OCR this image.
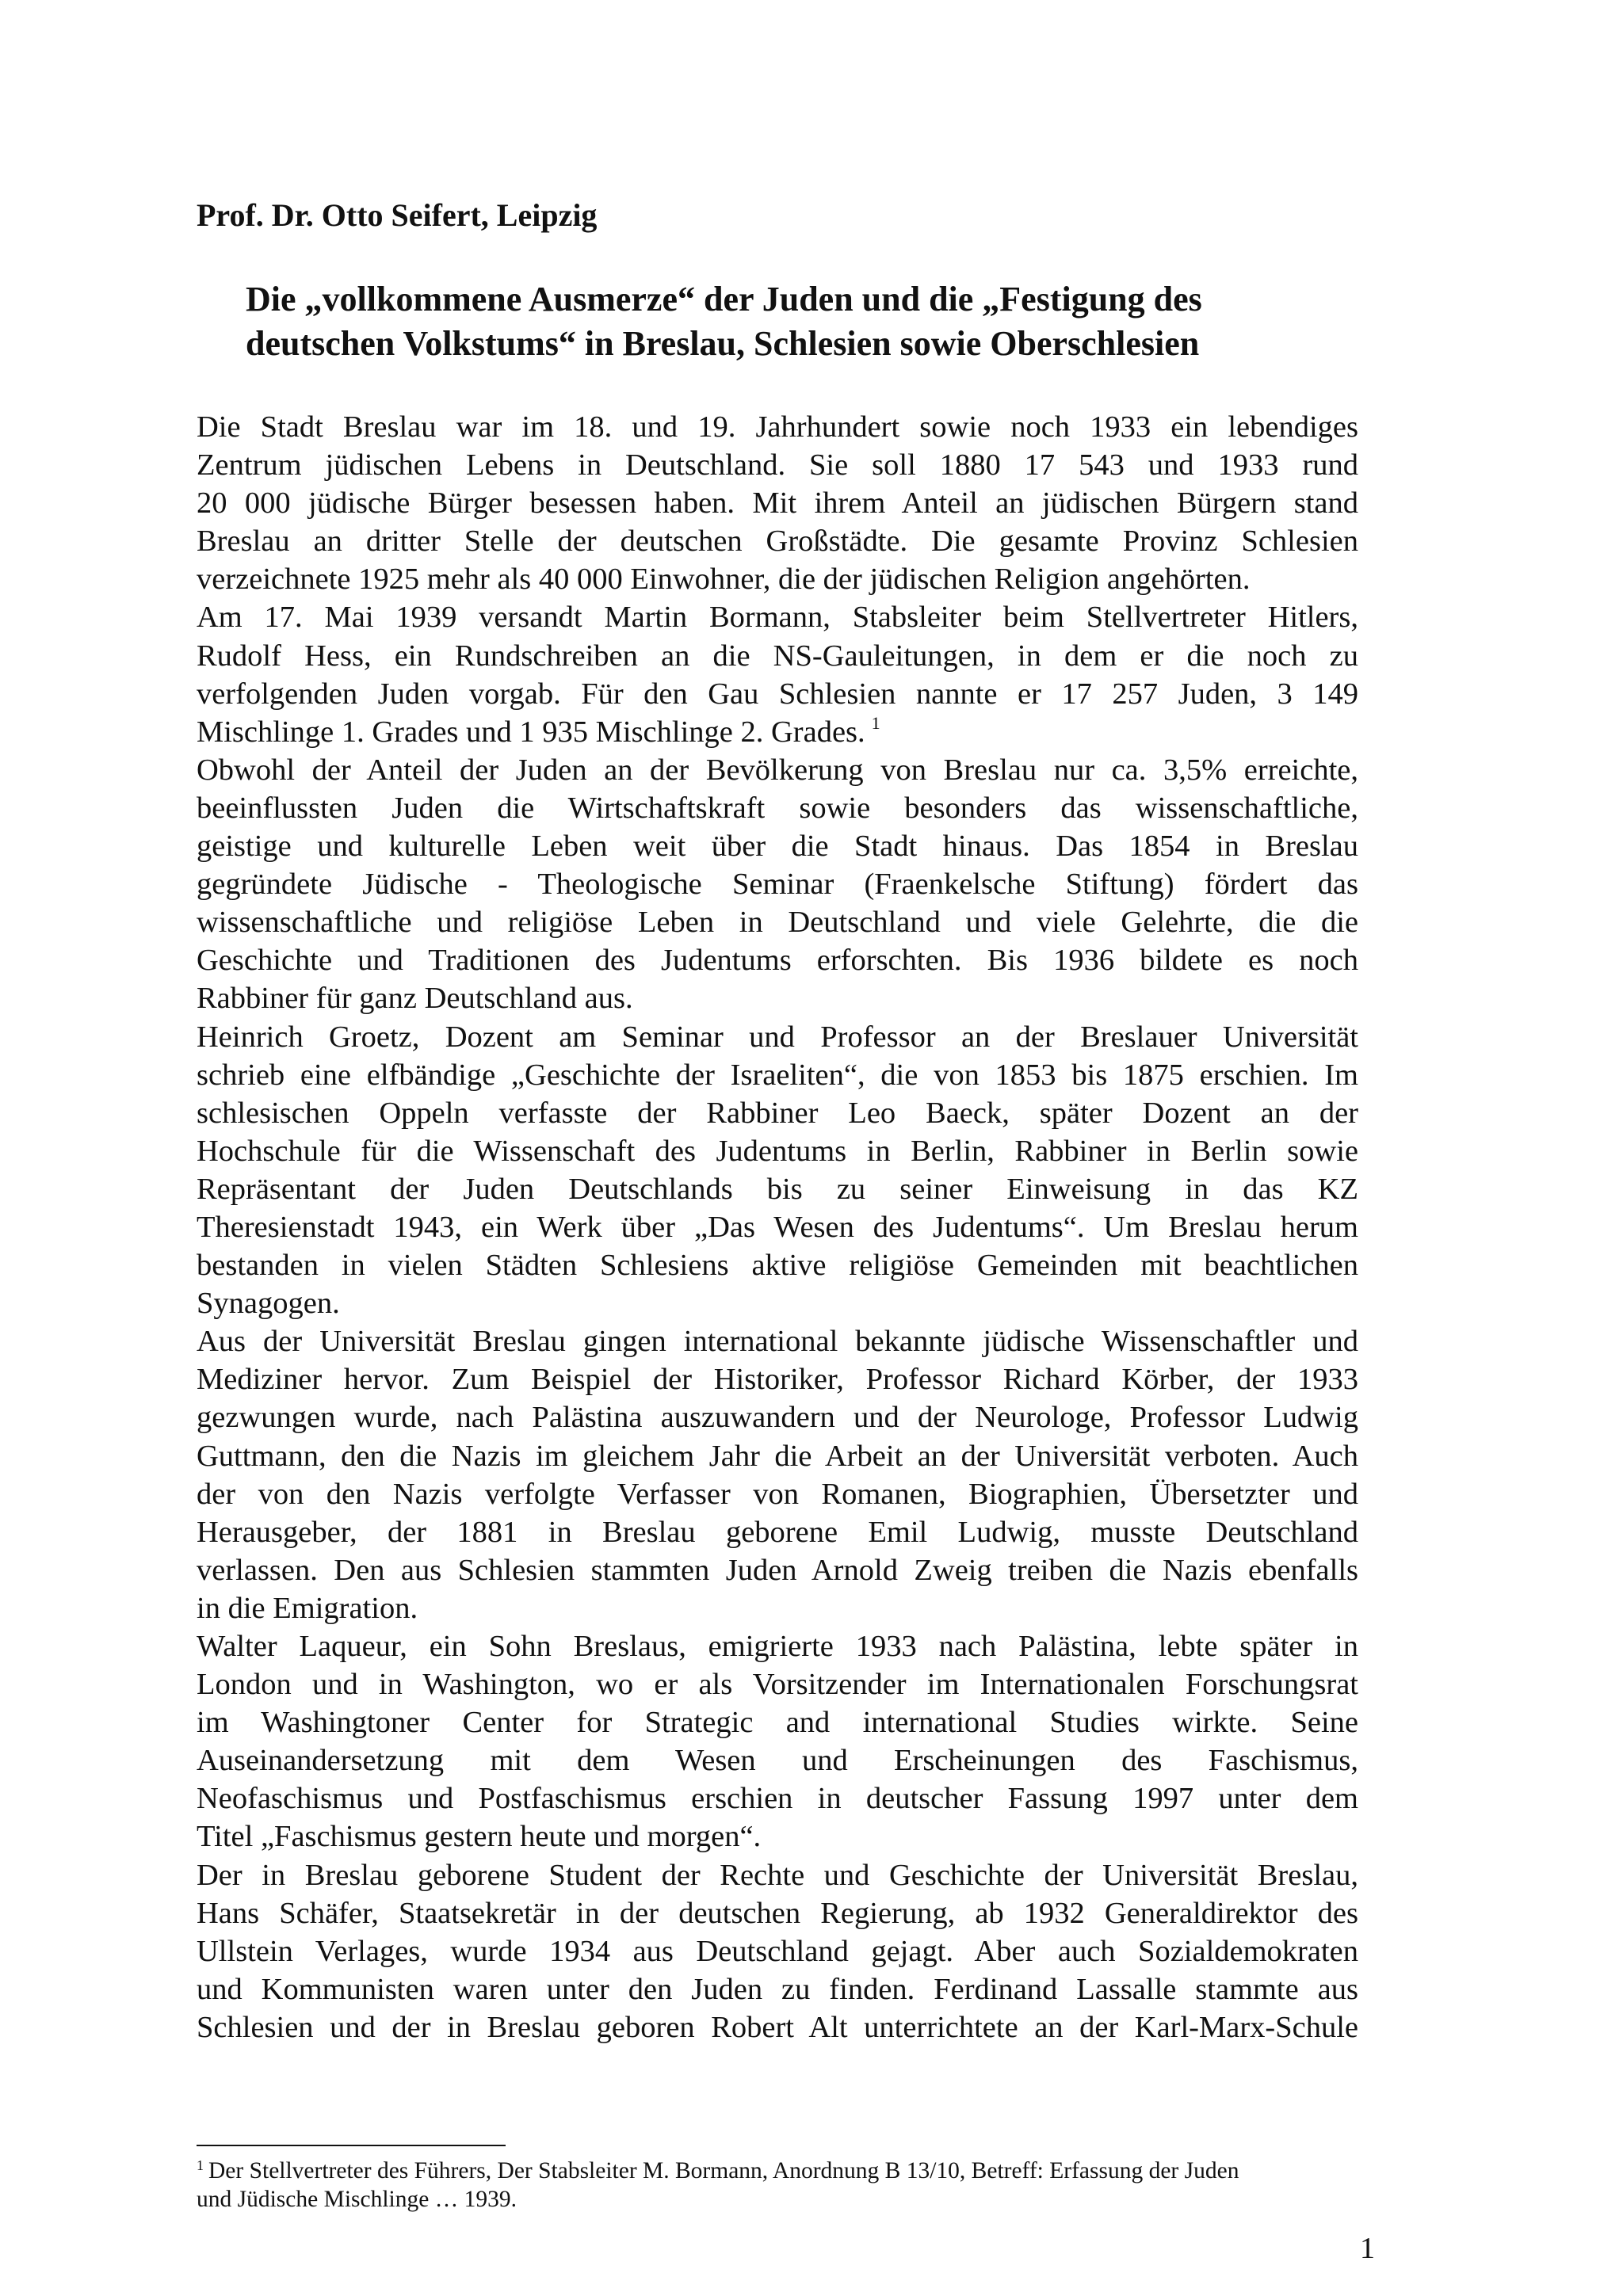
Prof. Dr. Otto Seifert, Leipzig

Die „vollkommene Ausmerze“ der Juden und die „Festigung des
deutschen Volkstums“ in Breslau, Schlesien sowie Oberschlesien

Die Stadt Breslau war im 18. und 19. Jahrhundert sowie noch 1933 ein lebendiges
Zentrum jüdischen Lebens in Deutschland. Sie soll 1880 17 543 und 1933 rund
20 000 jüdische Bürger besessen haben. Mit ihrem Anteil an jüdischen Bürgern stand
Breslau an dritter Stelle der deutschen Großstädte. Die gesamte Provinz Schlesien
verzeichnete 1925 mehr als 40 000 Einwohner, die der jüdischen Religion angehörten.

Am 17. Mai 1939 versandt Martin Bormann, Stabsleiter beim Stellvertreter Hitlers,
Rudolf Hess, ein Rundschreiben an die NS-Gauleitungen, in dem er die noch zu
verfolgenden Juden vorgab. Für den Gau Schlesien nannte er 17 257 Juden, 3 149
Mischlinge 1. Grades und 1 935 Mischlinge 2. Grades. $^1$

Obwohl der Anteil der Juden an der Bevölkerung von Breslau nur ca. 3,5% erreichte,
beeinflussten Juden die Wirtschaftskraft sowie besonders das wissenschaftliche,
geistige und kulturelle Leben weit über die Stadt hinaus. Das 1854 in Breslau
gegründete Jüdische - Theologische Seminar (Fraenkelsche Stiftung) fördert das
wissenschaftliche und religiöse Leben in Deutschland und viele Gelehrte, die die
Geschichte und Traditionen des Judentums erforschten. Bis 1936 bildete es noch
Rabbiner für ganz Deutschland aus.

Heinrich Groetz, Dozent am Seminar und Professor an der Breslauer Universität
schrieb eine elfbändige „Geschichte der Israeliten“, die von 1853 bis 1875 erschien. Im
schlesischen Oppeln verfasste der Rabbiner Leo Baeck, später Dozent an der
Hochschule für die Wissenschaft des Judentums in Berlin, Rabbiner in Berlin sowie
Repräsentant der Juden Deutschlands bis zu seiner Einweisung in das KZ
Theresienstadt 1943, ein Werk über „Das Wesen des Judentums“. Um Breslau herum
bestanden in vielen Städten Schlesiens aktive religiöse Gemeinden mit beachtlichen
Synagogen.

Aus der Universität Breslau gingen international bekannte jüdische Wissenschaftler und
Mediziner hervor. Zum Beispiel der Historiker, Professor Richard Körber, der 1933
gezwungen wurde, nach Palästina auszuwandern und der Neurologe, Professor Ludwig
Guttmann, den die Nazis im gleichem Jahr die Arbeit an der Universität verboten. Auch
der von den Nazis verfolgte Verfasser von Romanen, Biographien, Übersetzter und
Herausgeber, der 1881 in Breslau geborene Emil Ludwig, musste Deutschland
verlassen. Den aus Schlesien stammten Juden Arnold Zweig treiben die Nazis ebenfalls
in die Emigration.

Walter Laqueur, ein Sohn Breslaus, emigrierte 1933 nach Palästina, lebte später in
London und in Washington, wo er als Vorsitzender im Internationalen Forschungsrat
im Washingtoner Center for Strategic and international Studies wirkte. Seine
Auseinandersetzung mit dem Wesen und Erscheinungen des Faschismus,
Neofaschismus und Postfaschismus erschien in deutscher Fassung 1997 unter dem
Titel „Faschismus gestern heute und morgen“.

Der in Breslau geborene Student der Rechte und Geschichte der Universität Breslau,
Hans Schäfer, Staatsekretär in der deutschen Regierung, ab 1932 Generaldirektor des
Ullstein Verlages, wurde 1934 aus Deutschland gejagt. Aber auch Sozialdemokraten
und Kommunisten waren unter den Juden zu finden. Ferdinand Lassalle stammte aus
Schlesien und der in Breslau geboren Robert Alt unterrichtete an der Karl-Marx-Schule

$^1$ Der Stellvertreter des Führers, Der Stabsleiter M. Bormann, Anordnung B 13/10, Betreff: Erfassung der Juden
und Jüdische Mischlinge … 1939.
1
